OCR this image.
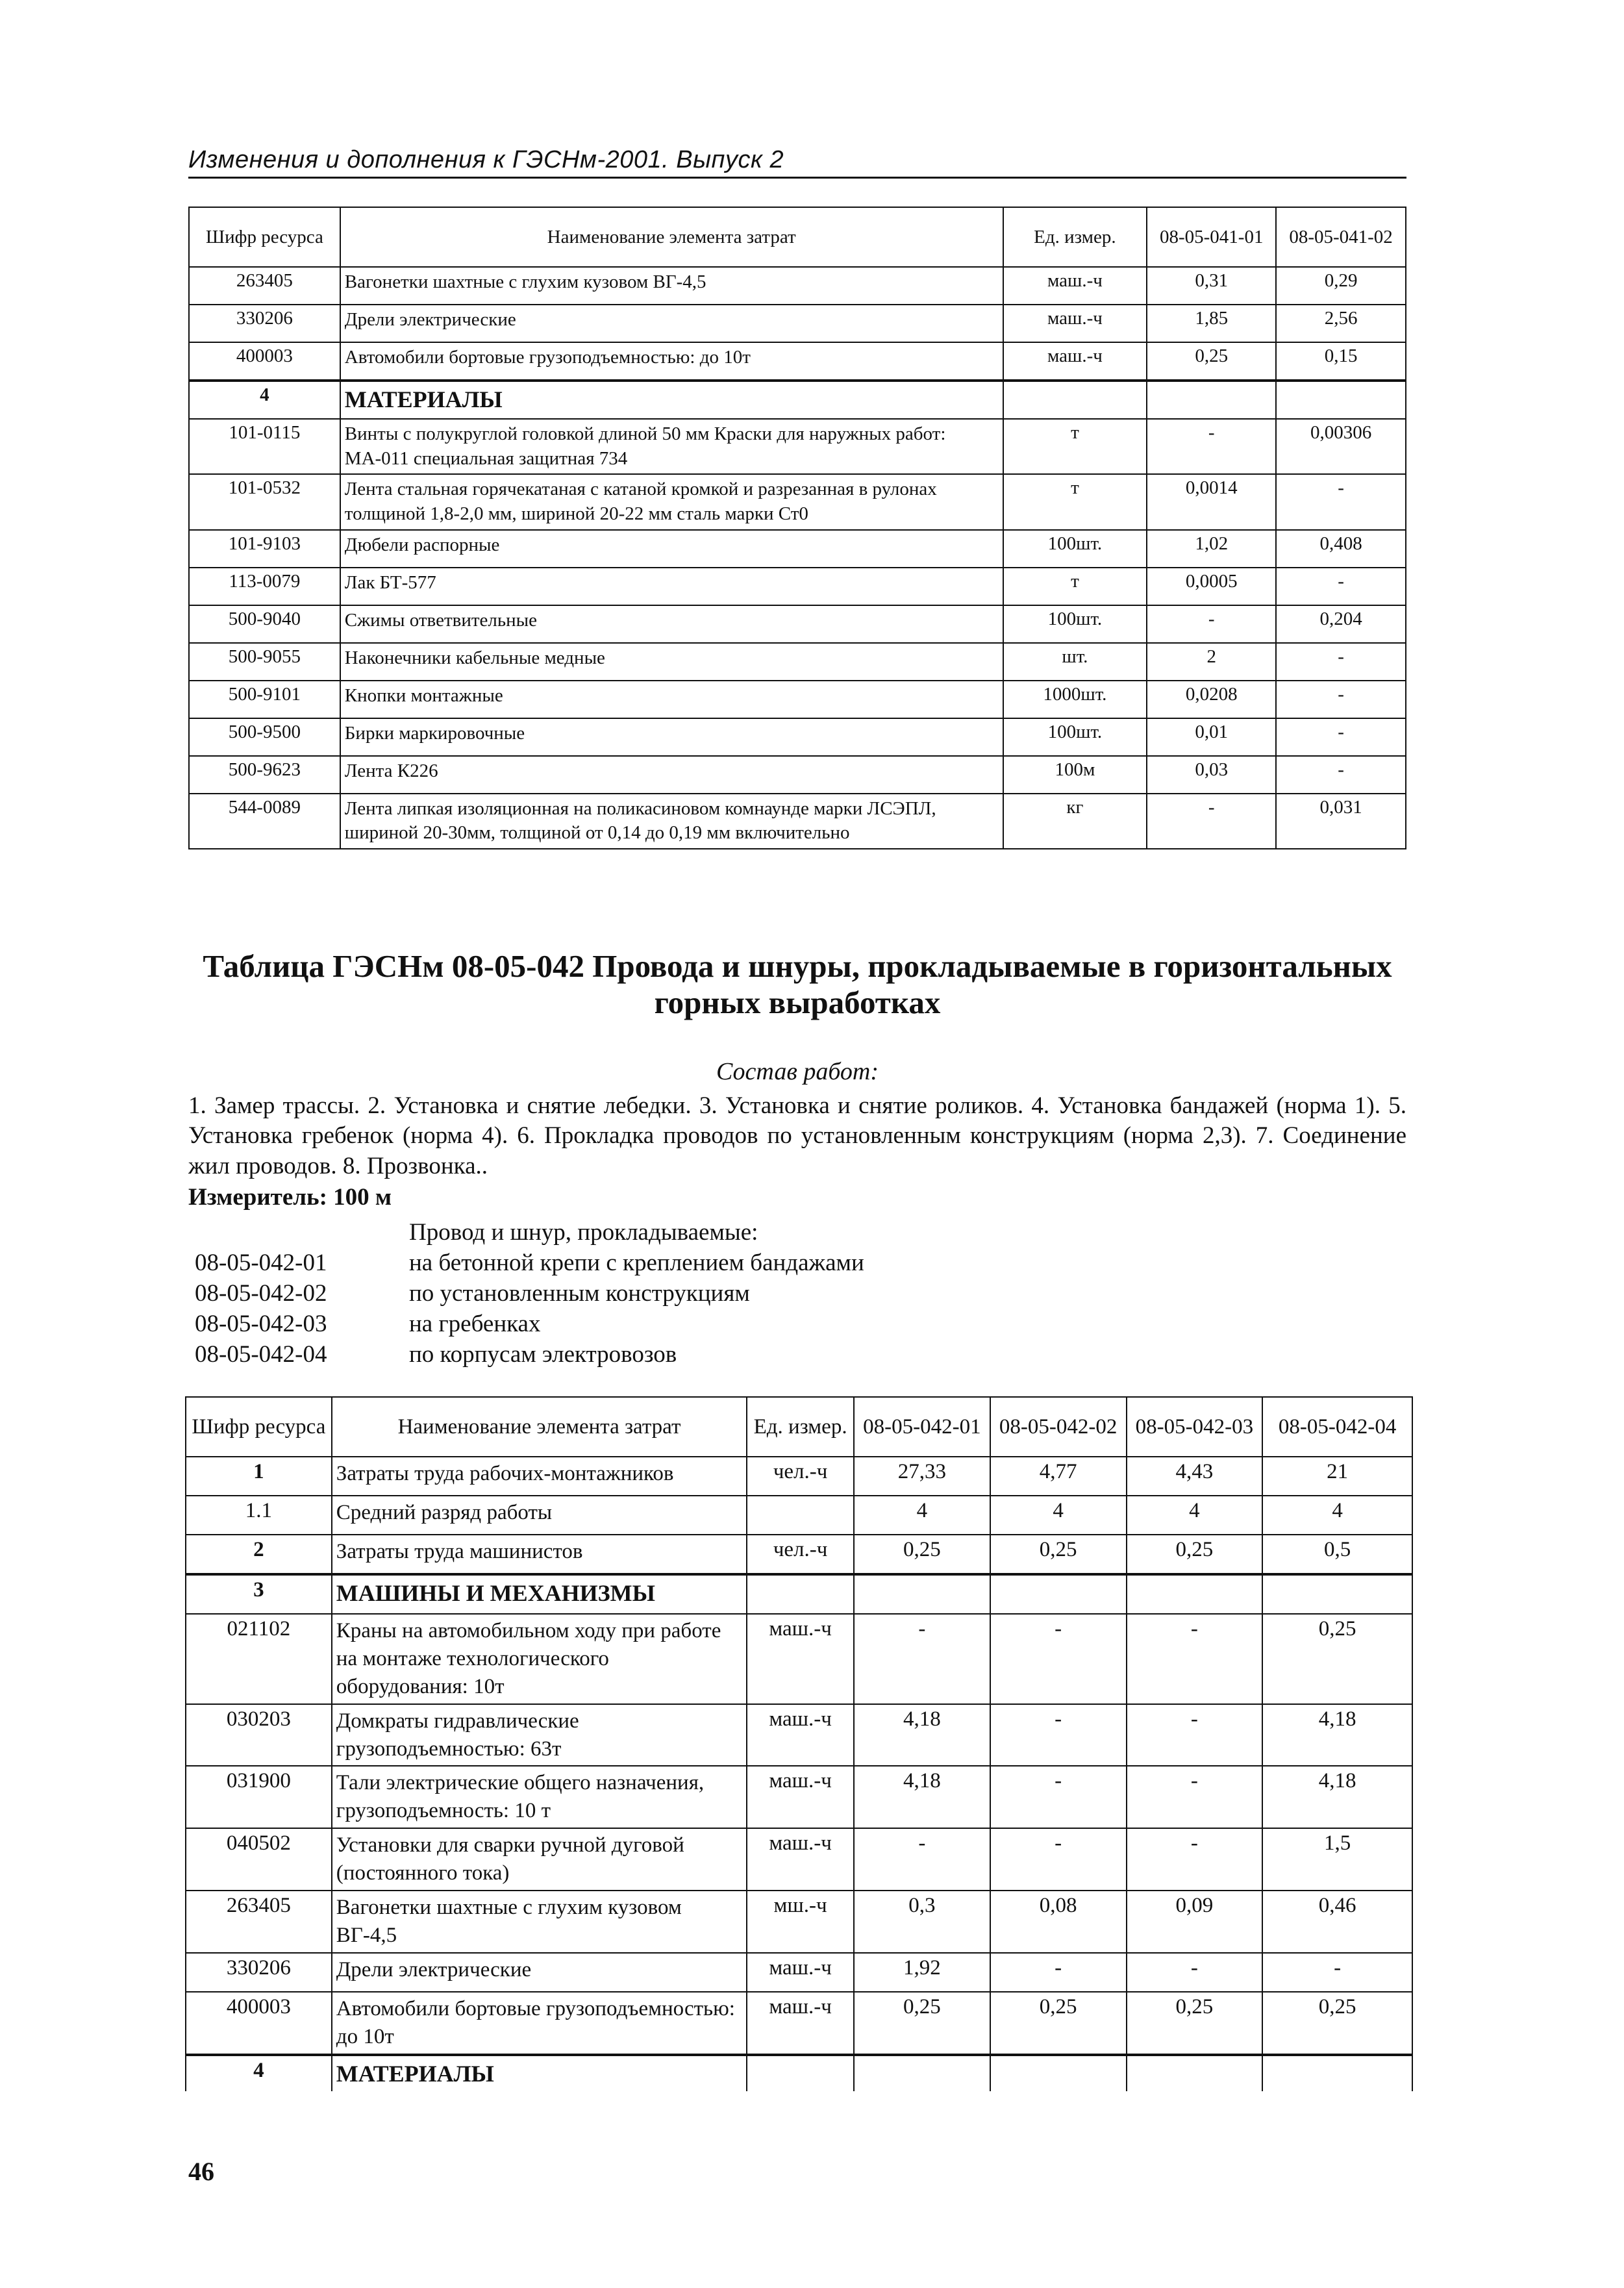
Изменения и дополнения к ГЭСНм-2001. Выпуск 2
Шифр ресурса	Наименование элемента затрат	Ед. измер.	08-05-041-01	08-05-041-02
263405	Вагонетки шахтные с глухим кузовом ВГ-4,5	маш.-ч	0,31	0,29
330206	Дрели электрические	маш.-ч	1,85	2,56
400003	Автомобили бортовые грузоподъемностью: до 10т	маш.-ч	0,25	0,15
4	МАТЕРИАЛЫ			
101-0115	Винты с полукруглой головкой длиной 50 мм Краски для наружных работ: МА-011 специальная защитная 734	т	-	0,00306
101-0532	Лента стальная горячекатаная с катаной кромкой и разрезанная в рулонах толщиной 1,8-2,0 мм, шириной 20-22 мм сталь марки Ст0	т	0,0014	-
101-9103	Дюбели распорные	100шт.	1,02	0,408
113-0079	Лак БТ-577	т	0,0005	-
500-9040	Сжимы ответвительные	100шт.	-	0,204
500-9055	Наконечники кабельные медные	шт.	2	-
500-9101	Кнопки монтажные	1000шт.	0,0208	-
500-9500	Бирки маркировочные	100шт.	0,01	-
500-9623	Лента К226	100м	0,03	-
544-0089	Лента липкая изоляционная на поликасиновом комнаунде марки ЛСЭПЛ, шириной 20-30мм, толщиной от 0,14 до 0,19 мм включительно	кг	-	0,031
Таблица ГЭСНм 08-05-042 Провода и шнуры, прокладываемые в горизонтальных
горных выработках
Состав работ:
1. Замер трассы. 2. Установка и снятие лебедки. 3. Установка и снятие роликов. 4. Установка бандажей (норма 1). 5. Установка гребенок (норма 4). 6. Прокладка проводов по установленным конструкциям (норма 2,3). 7. Соединение жил проводов. 8. Прозвонка..
Измеритель: 100 м
Провод и шнур, прокладываемые:
08-05-042-01	на бетонной крепи с креплением бандажами
08-05-042-02	по установленным конструкциям
08-05-042-03	на гребенках
08-05-042-04	по корпусам электровозов
Шифр ресурса	Наименование элемента затрат	Ед. измер.	08-05-042-01	08-05-042-02	08-05-042-03	08-05-042-04
1	Затраты труда рабочих-монтажников	чел.-ч	27,33	4,77	4,43	21
1.1	Средний разряд работы		4	4	4	4
2	Затраты труда машинистов	чел.-ч	0,25	0,25	0,25	0,5
3	МАШИНЫ И МЕХАНИЗМЫ					
021102	Краны на автомобильном ходу при работе на монтаже технологического оборудования: 10т	маш.-ч	-	-	-	0,25
030203	Домкраты гидравлические грузоподъемностью: 63т	маш.-ч	4,18	-	-	4,18
031900	Тали электрические общего назначения, грузоподъемность: 10 т	маш.-ч	4,18	-	-	4,18
040502	Установки для сварки ручной дуговой (постоянного тока)	маш.-ч	-	-	-	1,5
263405	Вагонетки шахтные с глухим кузовом ВГ-4,5	мш.-ч	0,3	0,08	0,09	0,46
330206	Дрели электрические	маш.-ч	1,92	-	-	-
400003	Автомобили бортовые грузоподъемностью: до 10т	маш.-ч	0,25	0,25	0,25	0,25
4	МАТЕРИАЛЫ					
46
